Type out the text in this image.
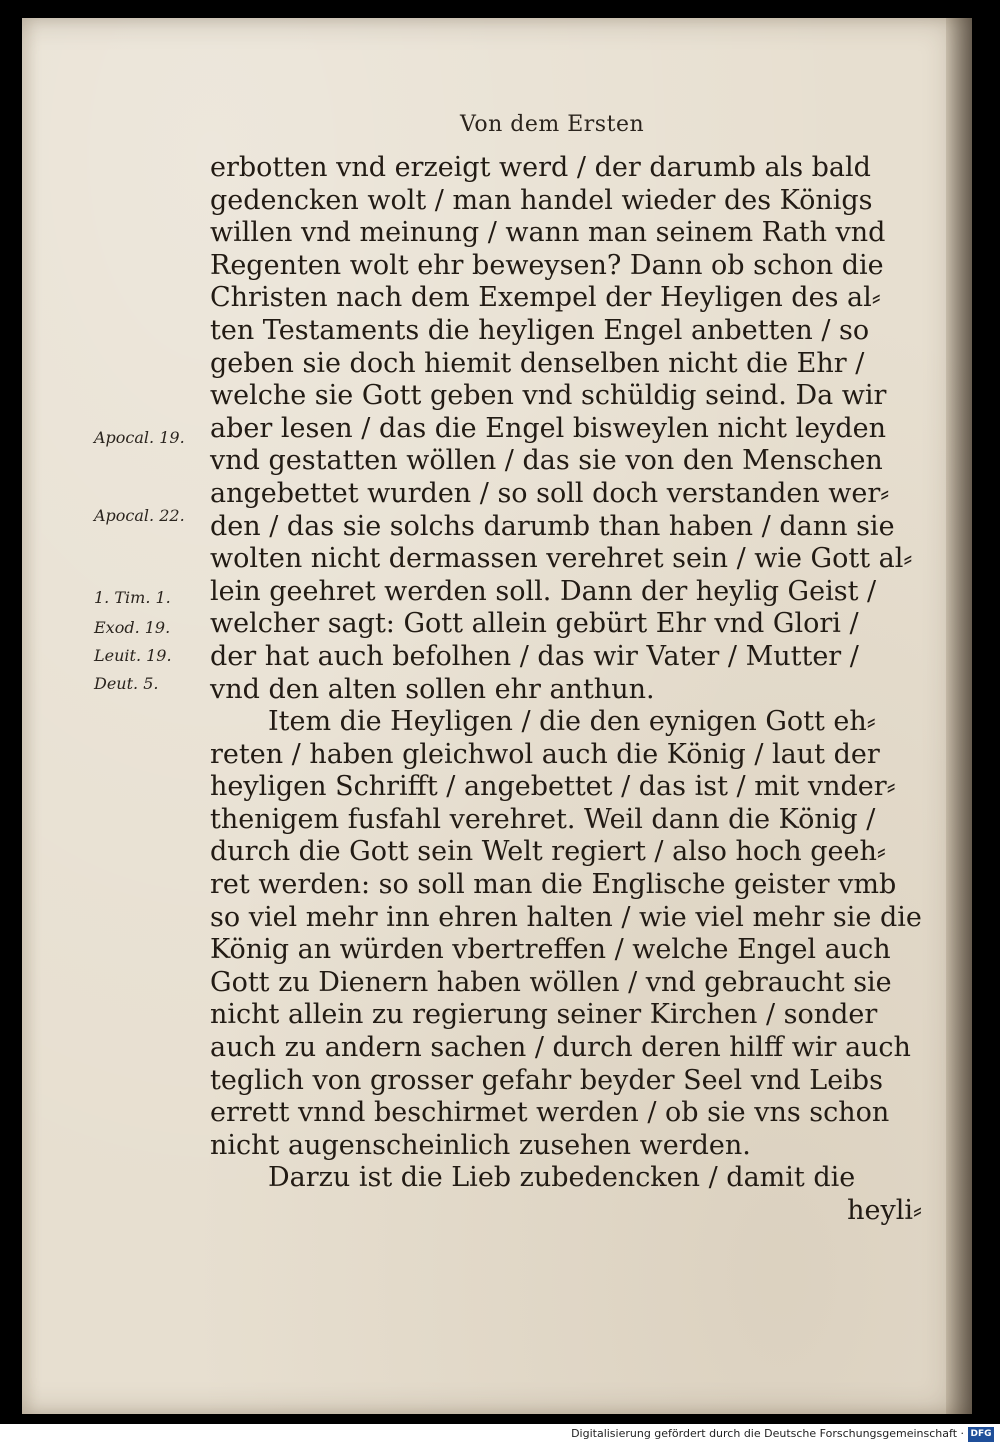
Von dem Ersten
Apocal. 19.
Apocal. 22.
1. Tim. 1.
Exod. 19.
Leuit. 19.
Deut. 5.
erbotten vnd erzeigt werd / der darumb als bald
gedencken wolt / man handel wieder des Königs
willen vnd meinung / wann man seinem Rath vnd
Regenten wolt ehr beweysen? Dann ob schon die
Christen nach dem Exempel der Heyligen des al⸗
ten Testaments die heyligen Engel anbetten / so
geben sie doch hiemit denselben nicht die Ehr /
welche sie Gott geben vnd schüldig seind. Da wir
aber lesen / das die Engel bisweylen nicht leyden
vnd gestatten wöllen / das sie von den Menschen
angebettet wurden / so soll doch verstanden wer⸗
den / das sie solchs darumb than haben / dann sie
wolten nicht dermassen verehret sein / wie Gott al⸗
lein geehret werden soll. Dann der heylig Geist /
welcher sagt: Gott allein gebürt Ehr vnd Glori /
der hat auch befolhen / das wir Vater / Mutter /
vnd den alten sollen ehr anthun.
Item die Heyligen / die den eynigen Gott eh⸗
reten / haben gleichwol auch die König / laut der
heyligen Schrifft / angebettet / das ist / mit vnder⸗
thenigem fusfahl verehret. Weil dann die König /
durch die Gott sein Welt regiert / also hoch geeh⸗
ret werden: so soll man die Englische geister vmb
so viel mehr inn ehren halten / wie viel mehr sie die
König an würden vbertreffen / welche Engel auch
Gott zu Dienern haben wöllen / vnd gebraucht sie
nicht allein zu regierung seiner Kirchen / sonder
auch zu andern sachen / durch deren hilff wir auch
teglich von grosser gefahr beyder Seel vnd Leibs
errett vnnd beschirmet werden / ob sie vns schon
nicht augenscheinlich zusehen werden.
Darzu ist die Lieb zubedencken / damit die
heyli⸗
Digitalisierung gefördert durch die Deutsche Forschungsgemeinschaft · DFG
